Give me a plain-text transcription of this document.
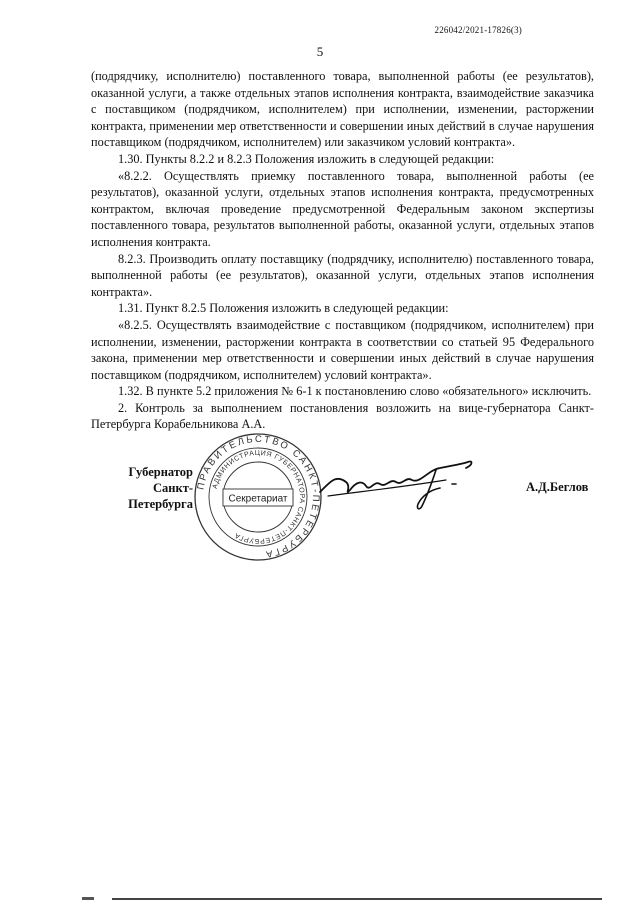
226042/2021-17826(3)
5

(подрядчику, исполнителю) поставленного товара, выполненной работы (ее результатов), оказанной услуги, а также отдельных этапов исполнения контракта, взаимодействие заказчика с поставщиком (подрядчиком, исполнителем) при исполнении, изменении, расторжении контракта, применении мер ответственности и совершении иных действий в случае нарушения поставщиком (подрядчиком, исполнителем) или заказчиком условий контракта».

1.30. Пункты 8.2.2 и 8.2.3 Положения изложить в следующей редакции:

«8.2.2. Осуществлять приемку поставленного товара, выполненной работы (ее результатов), оказанной услуги, отдельных этапов исполнения контракта, предусмотренных контрактом, включая проведение предусмотренной Федеральным законом экспертизы поставленного товара, результатов выполненной работы, оказанной услуги, отдельных этапов исполнения контракта.

8.2.3. Производить оплату поставщику (подрядчику, исполнителю) поставленного товара, выполненной работы (ее результатов), оказанной услуги, отдельных этапов исполнения контракта».

1.31. Пункт 8.2.5 Положения изложить в следующей редакции:

«8.2.5. Осуществлять взаимодействие с поставщиком (подрядчиком, исполнителем) при исполнении, изменении, расторжении контракта в соответствии со статьей 95 Федерального закона, применении мер ответственности и совершении иных действий в случае нарушения поставщиком (подрядчиком, исполнителем) условий контракта».

1.32. В пункте 5.2 приложения № 6-1 к постановлению слово «обязательного» исключить.

2. Контроль за выполнением постановления возложить на вице-губернатора Санкт-Петербурга Корабельникова А.А.

Губернатор
Санкт-Петербурга
ПРАВИТЕЛЬСТВО САНКТ-ПЕТЕРБУРГА
АДМИНИСТРАЦИЯ ГУБЕРНАТОРА САНКТ-ПЕТЕРБУРГА
Секретариат
А.Д.Беглов
